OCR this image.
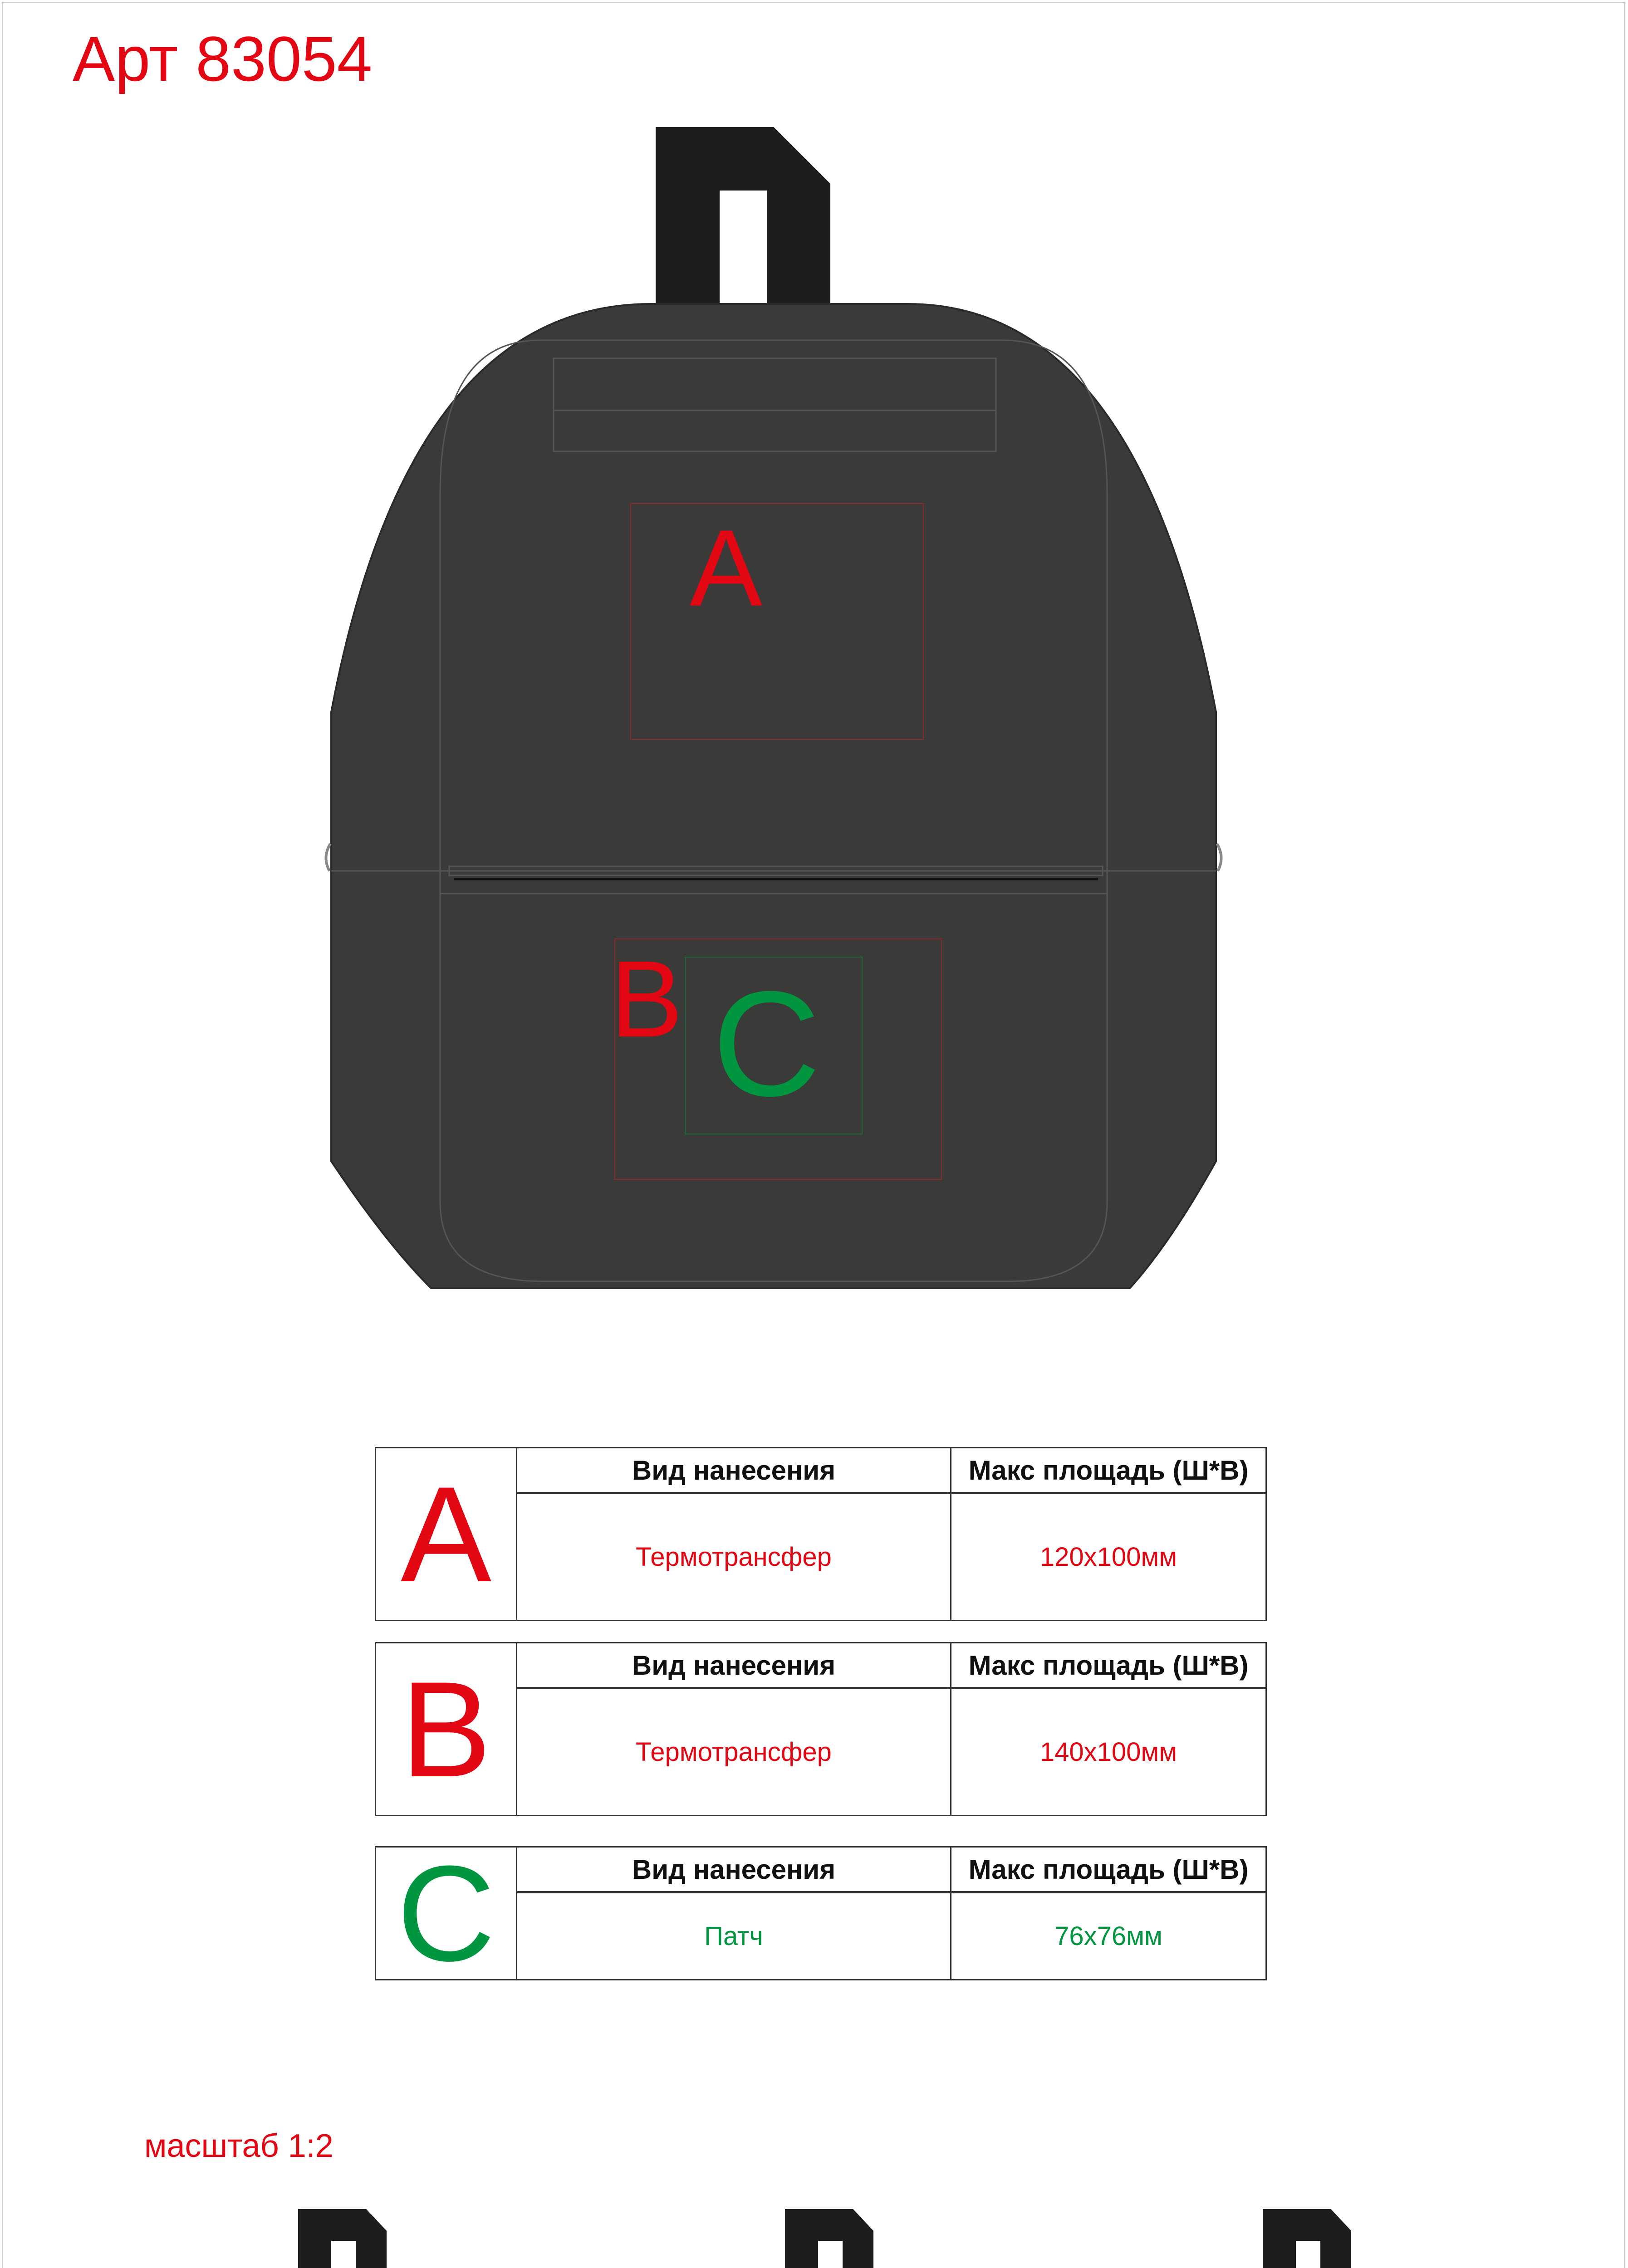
Арт 83054
A
B C
A	Вид нанесения	Макс площадь (Ш*В)
Термотрансфер	120x100мм
B	Вид нанесения	Макс площадь (Ш*В)
Термотрансфер	140x100мм
C	Вид нанесения	Макс площадь (Ш*В)
Патч	76x76мм
масштаб 1:2
